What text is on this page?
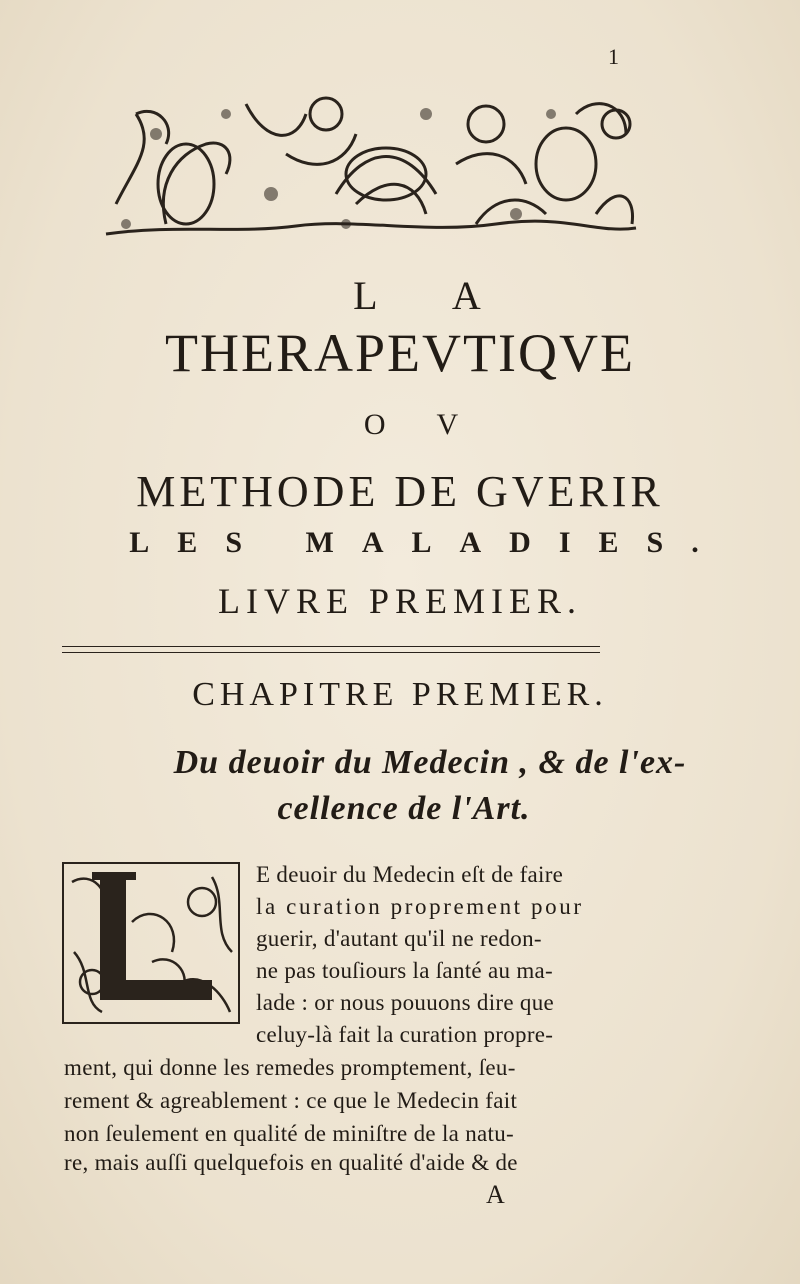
1
L A
THERAPEVTIQVE
O V
METHODE DE GVERIR
LES MALADIES.
LIVRE PREMIER.
CHAPITRE PREMIER.
Du deuoir du Medecin , & de l'ex-
cellence de l'Art.
L
E deuoir du Medecin eſt de faire
la curation proprement pour
guerir, d'autant qu'il ne redon-
ne pas touſiours la ſanté au ma-
lade : or nous pouuons dire que
celuy-là fait la curation propre-
ment, qui donne les remedes promptement, ſeu-
rement & agreablement : ce que le Medecin fait
non ſeulement en qualité de miniſtre de la natu-
re, mais auſſi quelquefois en qualité d'aide & de
A
